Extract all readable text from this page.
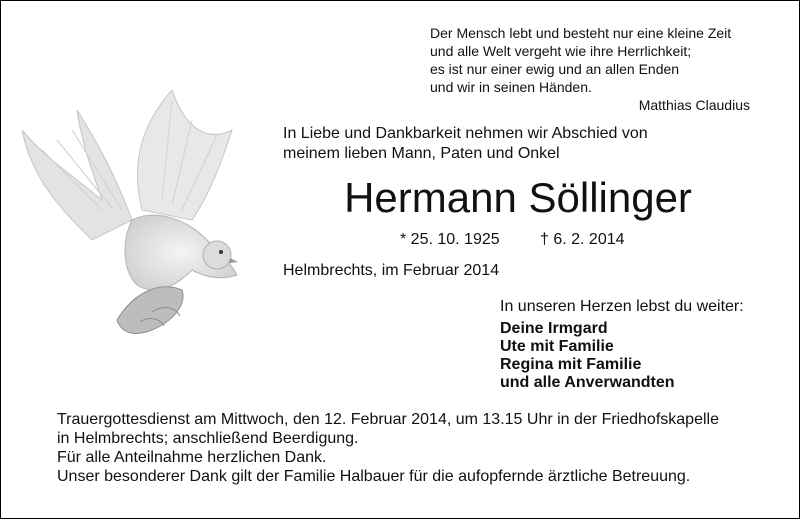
Der Mensch lebt und besteht nur eine kleine Zeit
und alle Welt vergeht wie ihre Herrlichkeit;
es ist nur einer ewig und an allen Enden
und wir in seinen Händen.
Matthias Claudius
In Liebe und Dankbarkeit nehmen wir Abschied von
meinem lieben Mann, Paten und Onkel
Hermann Söllinger
* 25. 10. 1925	† 6. 2. 2014
Helmbrechts, im Februar 2014
In unseren Herzen lebst du weiter:
Deine Irmgard
Ute mit Familie
Regina mit Familie
und alle Anverwandten
Trauergottesdienst am Mittwoch, den 12. Februar 2014, um 13.15 Uhr in der Friedhofskapelle
in Helmbrechts; anschließend Beerdigung.
Für alle Anteilnahme herzlichen Dank.
Unser besonderer Dank gilt der Familie Halbauer für die aufopfernde ärztliche Betreuung.
